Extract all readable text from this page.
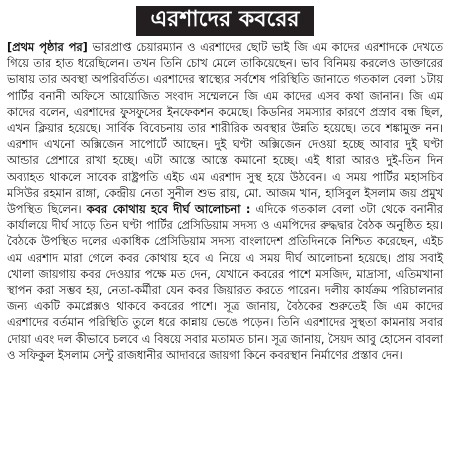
এরশাদের কবরের

[প্রথম পৃষ্ঠার পর] ভারপ্রাপ্ত চেয়ারম্যান ও এরশাদের ছোট ভাই জি এম কাদের এরশাদকে দেখতে গিয়ে তার হাত ধরেছিলেন। তখন তিনি চোখ মেলে তাকিয়েছেন। ভাব বিনিময় করলেও ডাক্তারের ভাষায় তার অবস্থা অপরিবর্তিত। এরশাদের স্বাস্থ্যের সর্বশেষ পরিস্থিতি জানাতে গতকাল বেলা ১টায় পার্টির বনানী অফিসে আয়োজিত সংবাদ সম্মেলনে জি এম কাদের এসব কথা জানান। জি এম কাদের বলেন, এরশাদের ফুসফুসের ইনফেকশন কমেছে। কিডনির সমস্যার কারণে প্রস্রাব বন্ধ ছিল, এখন ক্লিয়ার হয়েছে। সার্বিক বিবেচনায় তার শারীরিক অবস্থার উন্নতি হয়েছে। তবে শঙ্কামুক্ত নন। এরশাদ এখনো অক্সিজেন সাপোর্টে আছেন। দুই ঘণ্টা অক্সিজেন দেওয়া হচ্ছে আবার দুই ঘণ্টা আন্ডার প্রেশারে রাখা হচ্ছে। এটা আস্তে আস্তে কমানো হচ্ছে। এই ধারা আরও দুই-তিন দিন অব্যাহত থাকলে সাবেক রাষ্ট্রপতি এইচ এম এরশাদ সুস্থ হয়ে উঠবেন। এ সময় পার্টির মহাসচিব মসিউর রহমান রাঙ্গা, কেন্দ্রীয় নেতা সুনীল শুভ রায়, মো. আজম খান, হাসিবুল ইসলাম জয় প্রমুখ উপস্থিত ছিলেন। কবর কোথায় হবে দীর্ঘ আলোচনা : এদিকে গতকাল বেলা ৩টা থেকে বনানীর কার্যালয়ে দীর্ঘ সাড়ে তিন ঘণ্টা পার্টির প্রেসিডিয়াম সদস্য ও এমপিদের রুদ্ধদ্বার বৈঠক অনুষ্ঠিত হয়। বৈঠকে উপস্থিত দলের একাধিক প্রেসিডিয়াম সদস্য বাংলাদেশ প্রতিদিনকে নিশ্চিত করেছেন, এইচ এম এরশাদ মারা গেলে কবর কোথায় হবে এ নিয়ে এ সময় দীর্ঘ আলোচনা হয়েছে। প্রায় সবাই খোলা জায়গায় কবর দেওয়ার পক্ষে মত দেন, যেখানে কবরের পাশে মসজিদ, মাদ্রাসা, এতিমখানা স্থাপন করা সম্ভব হয়, নেতা-কর্মীরা যেন কবর জিয়ারত করতে পারেন। দলীয় কার্যক্রম পরিচালনার জন্য একটি কমপ্লেক্সও থাকবে কবরের পাশে। সূত্র জানায়, বৈঠকের শুরুতেই জি এম কাদের এরশাদের বর্তমান পরিস্থিতি তুলে ধরে কান্নায় ভেঙে পড়েন। তিনি এরশাদের সুস্থতা কামনায় সবার দোয়া এবং দল কীভাবে চলবে এ বিষয়ে সবার মতামত চান। সূত্র জানায়, সৈয়দ আবু হোসেন বাবলা ও সফিকুল ইসলাম সেন্টু রাজধানীর আদাবরে জায়গা কিনে কবরস্থান নির্মাণের প্রস্তাব দেন।
